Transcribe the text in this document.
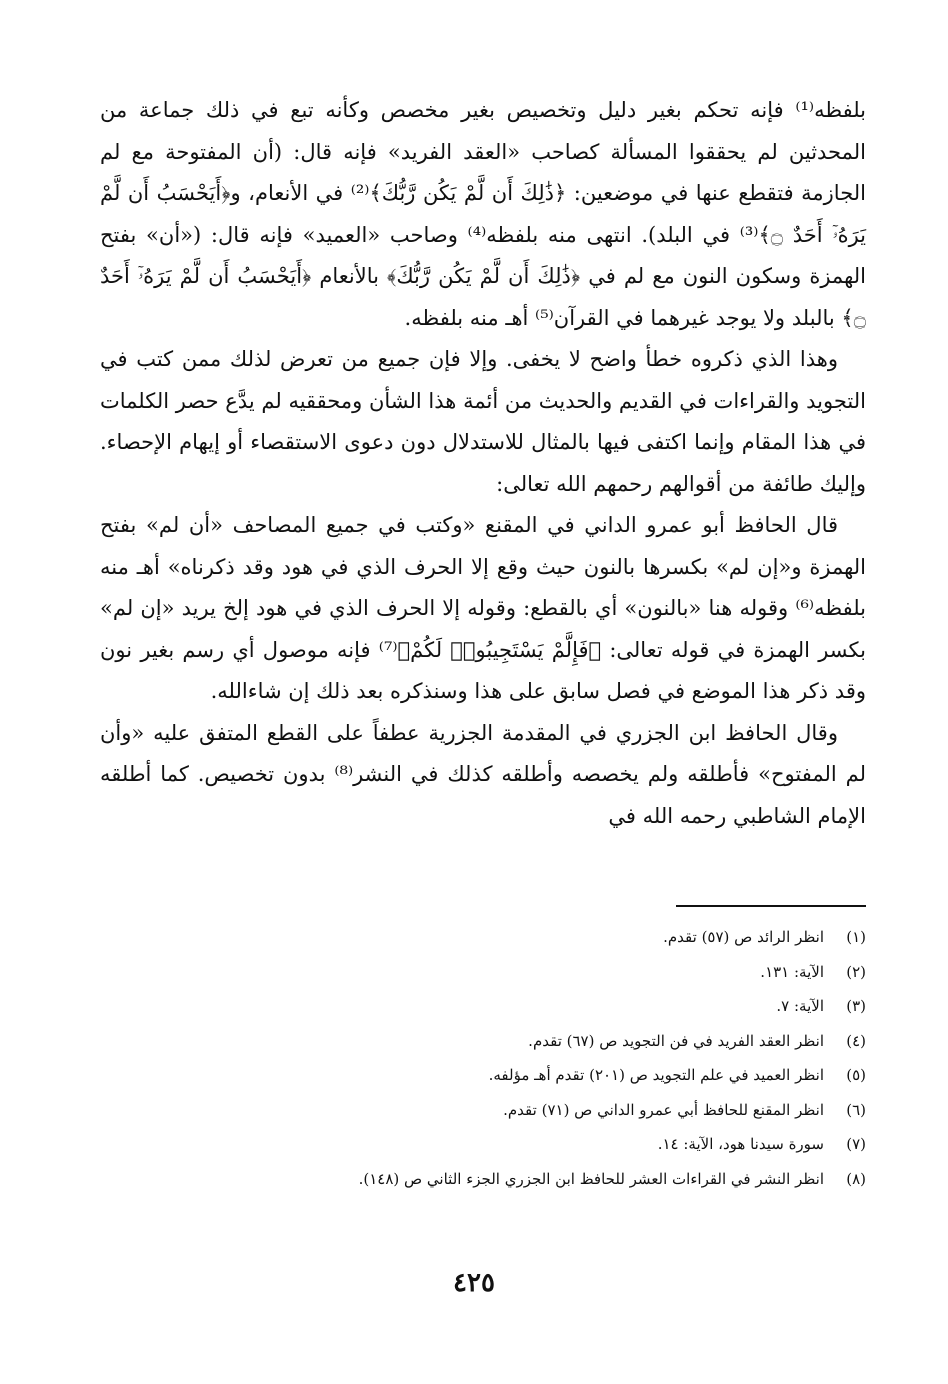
بلفظه⁽¹⁾ فإنه تحكم بغير دليل وتخصيص بغير مخصص وكأنه تبع في ذلك جماعة من المحدثين لم يحققوا المسألة كصاحب «العقد الفريد» فإنه قال: (أن المفتوحة مع لم الجازمة فتقطع عنها في موضعين: ﴿ذَٰلِكَ أَن لَّمْ يَكُن رَّبُّكَ﴾⁽²⁾ في الأنعام، و﴿أَيَحْسَبُ أَن لَّمْ يَرَهُۥٓ أَحَدٌ ۝﴾⁽³⁾ في البلد). انتهى منه بلفظه⁽⁴⁾ وصاحب «العميد» فإنه قال: («أن» بفتح الهمزة وسكون النون مع لم في ﴿ذَٰلِكَ أَن لَّمْ يَكُن رَّبُّكَ﴾ بالأنعام ﴿أَيَحْسَبُ أَن لَّمْ يَرَهُۥٓ أَحَدٌ ۝﴾ بالبلد ولا يوجد غيرهما في القرآن⁽⁵⁾ أهـ منه بلفظه.

وهذا الذي ذكروه خطأ واضح لا يخفى. وإلا فإن جميع من تعرض لذلك ممن كتب في التجويد والقراءات في القديم والحديث من أئمة هذا الشأن ومحققيه لم يدَّع حصر الكلمات في هذا المقام وإنما اكتفى فيها بالمثال للاستدلال دون دعوى الاستقصاء أو إيهام الإحصاء. وإليك طائفة من أقوالهم رحمهم الله تعالى:

قال الحافظ أبو عمرو الداني في المقنع «وكتب في جميع المصاحف «أن لم» بفتح الهمزة و«إن لم» بكسرها بالنون حيث وقع إلا الحرف الذي في هود وقد ذكرناه» أهـ منه بلفظه⁽⁶⁾ وقوله هنا «بالنون» أي بالقطع: وقوله إلا الحرف الذي في هود إلخ يريد «إن لم» بكسر الهمزة في قوله تعالى: ﴿فَإِلَّمْ يَسْتَجِيبُوا۟ لَكُمْ﴾⁽⁷⁾ فإنه موصول أي رسم بغير نون وقد ذكر هذا الموضع في فصل سابق على هذا وسنذكره بعد ذلك إن شاءالله.

وقال الحافظ ابن الجزري في المقدمة الجزرية عطفاً على القطع المتفق عليه «وأن لم المفتوح» فأطلقه ولم يخصصه وأطلقه كذلك في النشر⁽⁸⁾ بدون تخصيص. كما أطلقه الإمام الشاطبي رحمه الله في

(١)
انظر الرائد ص (٥٧) تقدم.
(٢)
الآية: ١٣١.
(٣)
الآية: ٧.
(٤)
انظر العقد الفريد في فن التجويد ص (٦٧) تقدم.
(٥)
انظر العميد في علم التجويد ص (٢٠١) تقدم أهـ مؤلفه.
(٦)
انظر المقنع للحافظ أبي عمرو الداني ص (٧١) تقدم.
(٧)
سورة سيدنا هود، الآية: ١٤.
(٨)
انظر النشر في القراءات العشر للحافظ ابن الجزري الجزء الثاني ص (١٤٨).
٤٢٥
